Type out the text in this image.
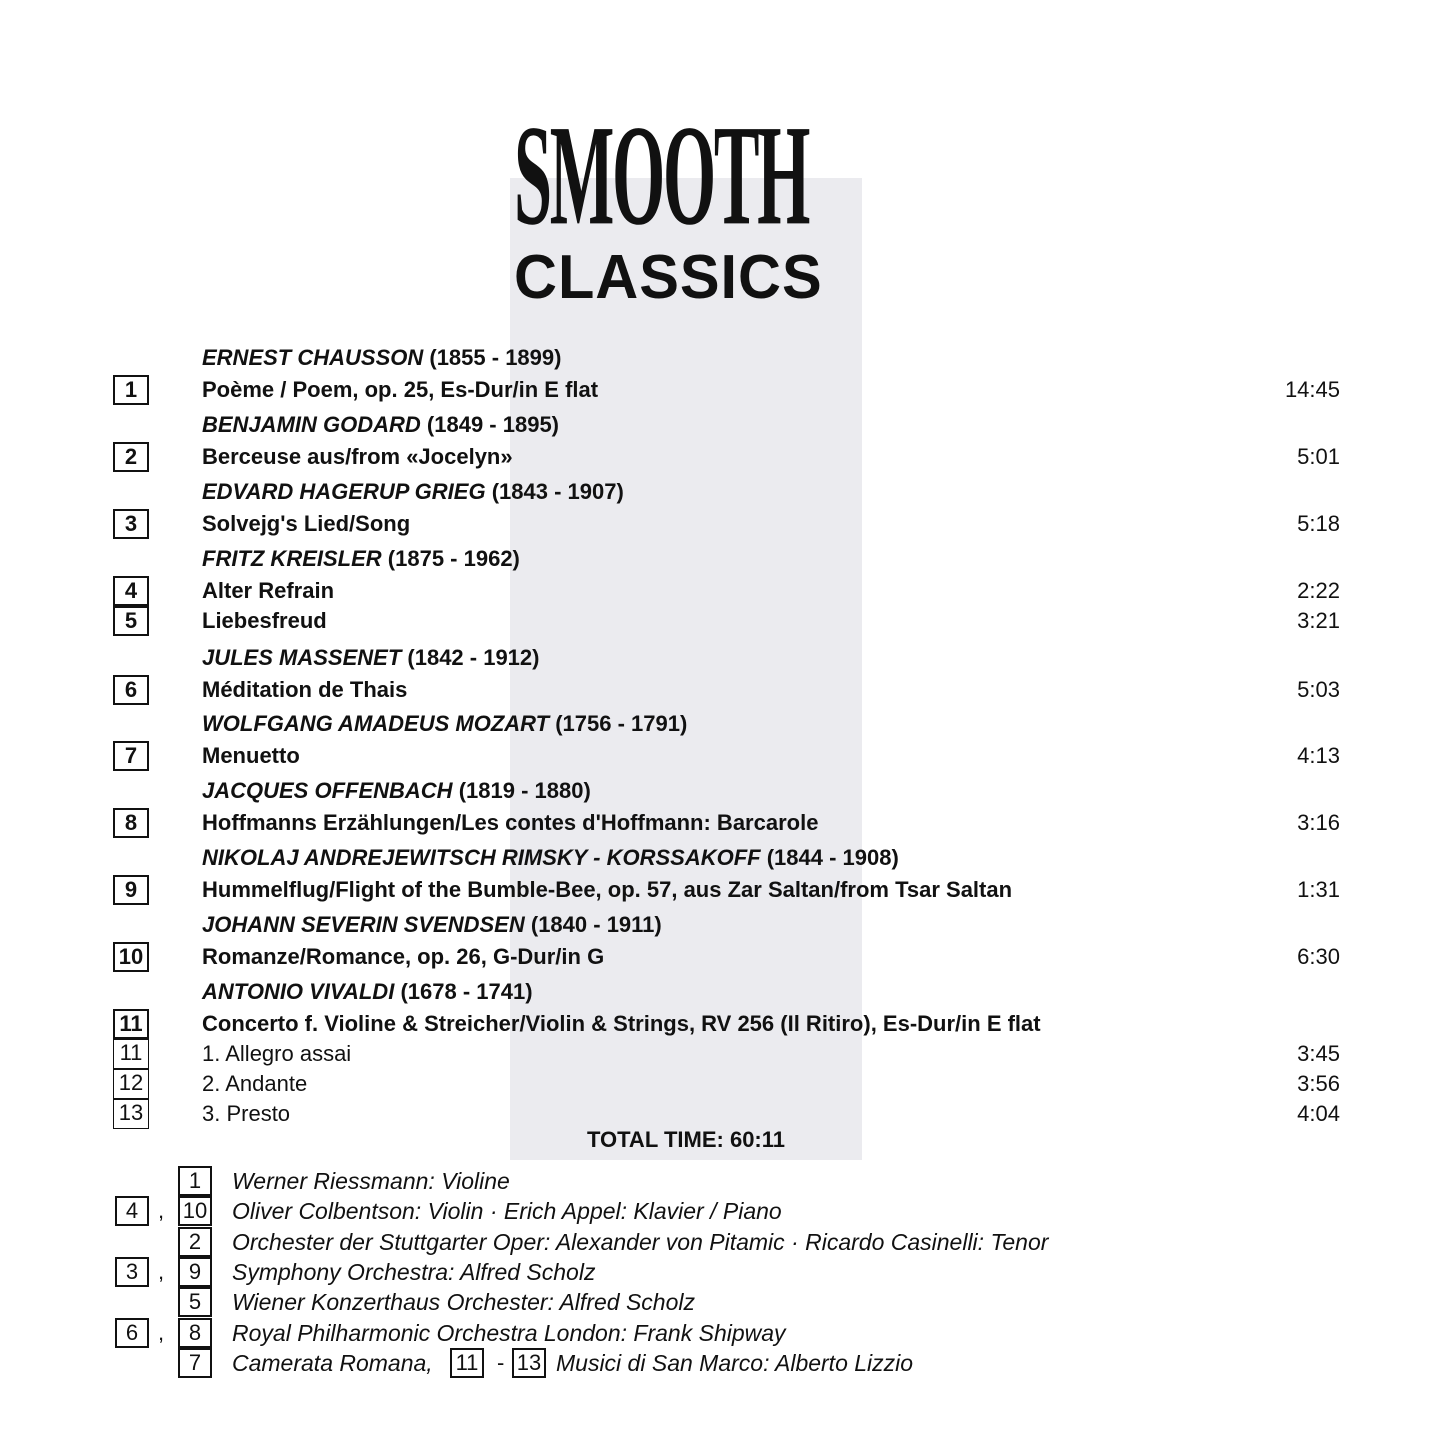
SMOOTH
CLASSICS
ERNEST CHAUSSON (1855 - 1899)
1	Poème / Poem, op. 25, Es-Dur/in E flat	14:45
BENJAMIN GODARD (1849 - 1895)
2	Berceuse aus/from «Jocelyn»	5:01
EDVARD HAGERUP GRIEG (1843 - 1907)
3	Solvejg's Lied/Song	5:18
FRITZ KREISLER (1875 - 1962)
4	Alter Refrain	2:22
5	Liebesfreud	3:21
JULES MASSENET (1842 - 1912)
6	Méditation de Thais	5:03
WOLFGANG AMADEUS MOZART (1756 - 1791)
7	Menuetto	4:13
JACQUES OFFENBACH (1819 - 1880)
8	Hoffmanns Erzählungen/Les contes d'Hoffmann: Barcarole	3:16
NIKOLAJ ANDREJEWITSCH RIMSKY - KORSSAKOFF (1844 - 1908)
9	Hummelflug/Flight of the Bumble-Bee, op. 57, aus Zar Saltan/from Tsar Saltan	1:31
JOHANN SEVERIN SVENDSEN (1840 - 1911)
10	Romanze/Romance, op. 26, G-Dur/in G	6:30
ANTONIO VIVALDI (1678 - 1741)
11	Concerto f. Violine & Streicher/Violin & Strings, RV 256 (Il Ritiro), Es-Dur/in E flat
11	1. Allegro assai	3:45
12	2. Andante	3:56
13	3. Presto	4:04
TOTAL TIME: 60:11
1	Werner Riessmann: Violine
4 , 10 Oliver Colbentson: Violin · Erich Appel: Klavier / Piano
2	Orchester der Stuttgarter Oper: Alexander von Pitamic · Ricardo Casinelli: Tenor
3 ,	9	Symphony Orchestra: Alfred Scholz
5	Wiener Konzerthaus Orchester: Alfred Scholz
6 ,	8	Royal Philharmonic Orchestra London: Frank Shipway
7	Camerata Romana, 11 - 13 Musici di San Marco: Alberto Lizzio
